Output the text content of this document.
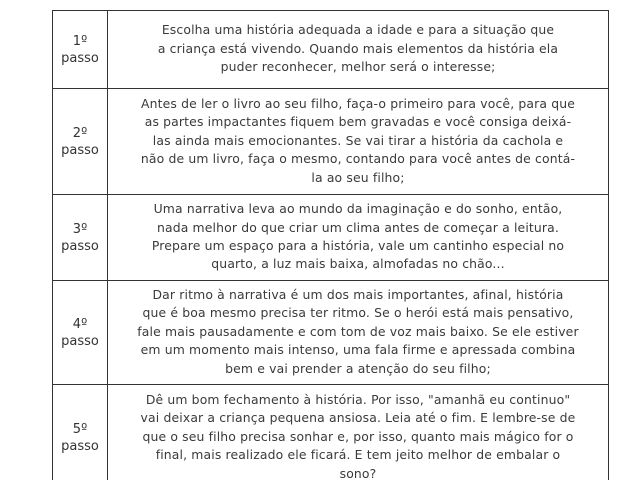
1º
passo	Escolha uma história adequada a idade e para a situação que
a criança está vivendo. Quando mais elementos da história ela
puder reconhecer, melhor será o interesse;

2º
passo	Antes de ler o livro ao seu filho, faça-o primeiro para você, para que
as partes impactantes fiquem bem gravadas e você consiga deixá-
las ainda mais emocionantes. Se vai tirar a história da cachola e
não de um livro, faça o mesmo, contando para você antes de contá-
la ao seu filho;

3º
passo	Uma narrativa leva ao mundo da imaginação e do sonho, então,
nada melhor do que criar um clima antes de começar a leitura.
Prepare um espaço para a história, vale um cantinho especial no
quarto, a luz mais baixa, almofadas no chão...

4º
passo	Dar ritmo à narrativa é um dos mais importantes, afinal, história
que é boa mesmo precisa ter ritmo. Se o herói está mais pensativo,
fale mais pausadamente e com tom de voz mais baixo. Se ele estiver
em um momento mais intenso, uma fala firme e apressada combina
bem e vai prender a atenção do seu filho;

5º
passo	Dê um bom fechamento à história. Por isso, "amanhã eu continuo"
vai deixar a criança pequena ansiosa. Leia até o fim. E lembre-se de
que o seu filho precisa sonhar e, por isso, quanto mais mágico for o
final, mais realizado ele ficará. E tem jeito melhor de embalar o
sono?
